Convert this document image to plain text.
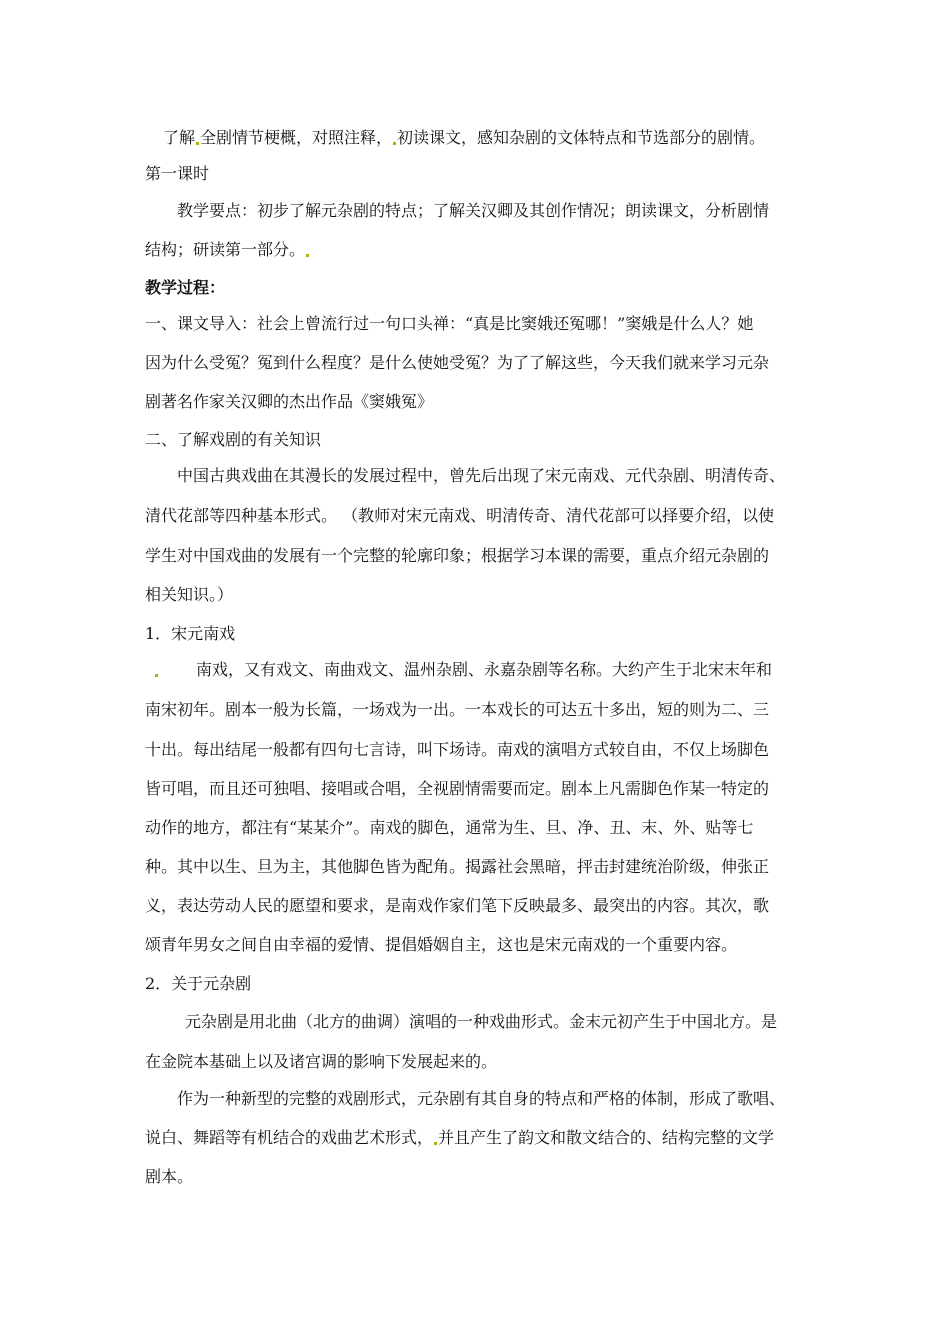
了解 全剧情节梗概，对照注释， 初读课文，感知杂剧的文体特点和节选部分的剧情。
第一课时
教学要点：初步了解元杂剧的特点；了解关汉卿及其创作情况；朗读课文，分析剧情
结构；研读第一部分。
教学过程：
一、课文导入：社会上曾流行过一句口头禅：“真是比窦娥还冤哪！”窦娥是什么人？她
因为什么受冤？冤到什么程度？是什么使她受冤？为了了解这些，今天我们就来学习元杂
剧著名作家关汉卿的杰出作品《窦娥冤》
二、了解戏剧的有关知识
中国古典戏曲在其漫长的发展过程中，曾先后出现了宋元南戏、元代杂剧、明清传奇、
清代花部等四种基本形式。 （教师对宋元南戏、明清传奇、清代花部可以择要介绍，以使
学生对中国戏曲的发展有一个完整的轮廓印象；根据学习本课的需要，重点介绍元杂剧的
相关知识。）
1．宋元南戏
南戏，又有戏文、南曲戏文、温州杂剧、永嘉杂剧等名称。大约产生于北宋末年和
南宋初年。剧本一般为长篇，一场戏为一出。一本戏长的可达五十多出，短的则为二、三
十出。每出结尾一般都有四句七言诗，叫下场诗。南戏的演唱方式较自由，不仅上场脚色
皆可唱，而且还可独唱、接唱或合唱，全视剧情需要而定。剧本上凡需脚色作某一特定的
动作的地方，都注有“某某介”。南戏的脚色，通常为生、旦、净、丑、末、外、贴等七
种。其中以生、旦为主，其他脚色皆为配角。揭露社会黑暗，抨击封建统治阶级，伸张正
义，表达劳动人民的愿望和要求，是南戏作家们笔下反映最多、最突出的内容。其次，歌
颂青年男女之间自由幸福的爱情、提倡婚姻自主，这也是宋元南戏的一个重要内容。
2．关于元杂剧
元杂剧是用北曲（北方的曲调）演唱的一种戏曲形式。金末元初产生于中国北方。是
在金院本基础上以及诸宫调的影响下发展起来的。
作为一种新型的完整的戏剧形式，元杂剧有其自身的特点和严格的体制，形成了歌唱、
说白、舞蹈等有机结合的戏曲艺术形式， 并且产生了韵文和散文结合的、结构完整的文学
剧本。
